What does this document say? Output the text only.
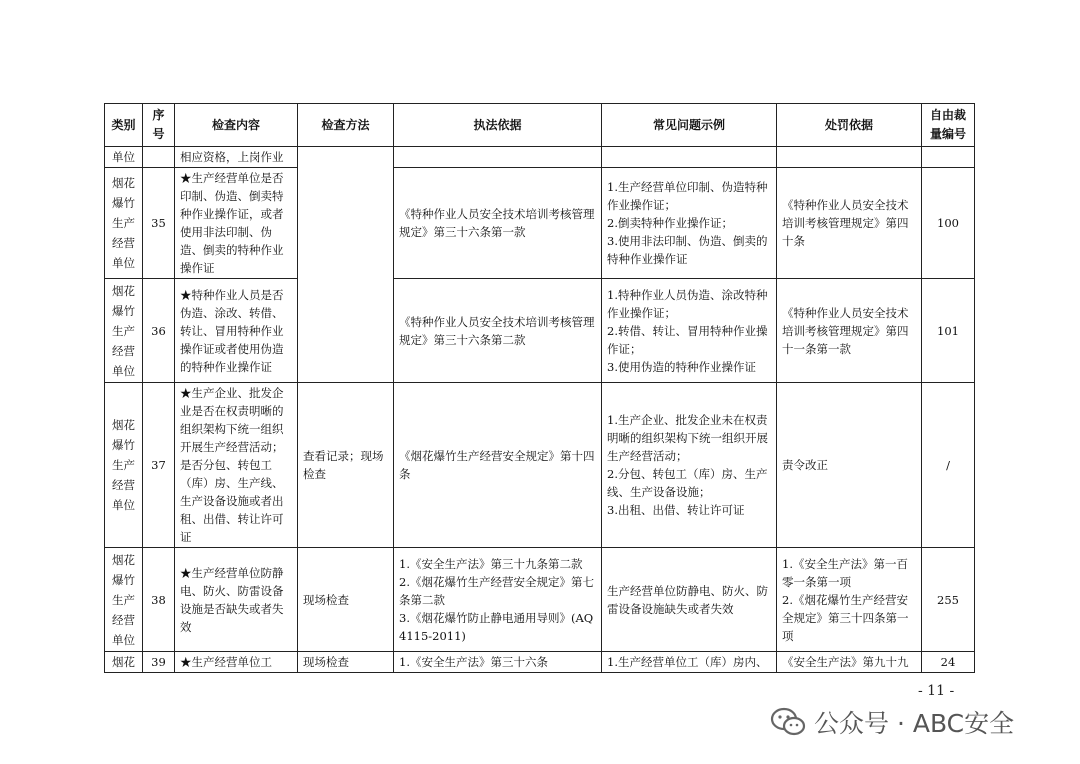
类别	序号	检查内容	检查方法	执法依据	常见问题示例	处罚依据	自由裁量编号
单位		相应资格，上岗作业					
烟花爆竹生产经营单位	35	★生产经营单位是否印制、伪造、倒卖特种作业操作证，或者使用非法印制、伪造、倒卖的特种作业操作证		《特种作业人员安全技术培训考核管理规定》第三十六条第一款	1.生产经营单位印制、伪造特种作业操作证；
2.倒卖特种作业操作证；
3.使用非法印制、伪造、倒卖的特种作业操作证	《特种作业人员安全技术培训考核管理规定》第四十条	100
烟花爆竹生产经营单位	36	★特种作业人员是否伪造、涂改、转借、转让、冒用特种作业操作证或者使用伪造的特种作业操作证		《特种作业人员安全技术培训考核管理规定》第三十六条第二款	1.特种作业人员伪造、涂改特种作业操作证；
2.转借、转让、冒用特种作业操作证；
3.使用伪造的特种作业操作证	《特种作业人员安全技术培训考核管理规定》第四十一条第一款	101
烟花爆竹生产经营单位	37	★生产企业、批发企业是否在权责明晰的组织架构下统一组织开展生产经营活动；是否分包、转包工（库）房、生产线、生产设备设施或者出租、出借、转让许可证	查看记录；现场检查	《烟花爆竹生产经营安全规定》第十四条	1.生产企业、批发企业未在权责明晰的组织架构下统一组织开展生产经营活动；
2.分包、转包工（库）房、生产线、生产设备设施；
3.出租、出借、转让许可证	责令改正	/
烟花爆竹生产经营单位	38	★生产经营单位防静电、防火、防雷设备设施是否缺失或者失效	现场检查	1.《安全生产法》第三十九条第二款
2.《烟花爆竹生产经营安全规定》第七条第二款
3.《烟花爆竹防止静电通用导则》(AQ 4115-2011)	生产经营单位防静电、防火、防雷设备设施缺失或者失效	1.《安全生产法》第一百零一条第一项
2.《烟花爆竹生产经营安全规定》第三十四条第一项	255
烟花	39	★生产经营单位工	现场检查	1.《安全生产法》第三十六条	1.生产经营单位工（库）房内、	《安全生产法》第九十九	24
- 11 -
公众号 · ABC安全
